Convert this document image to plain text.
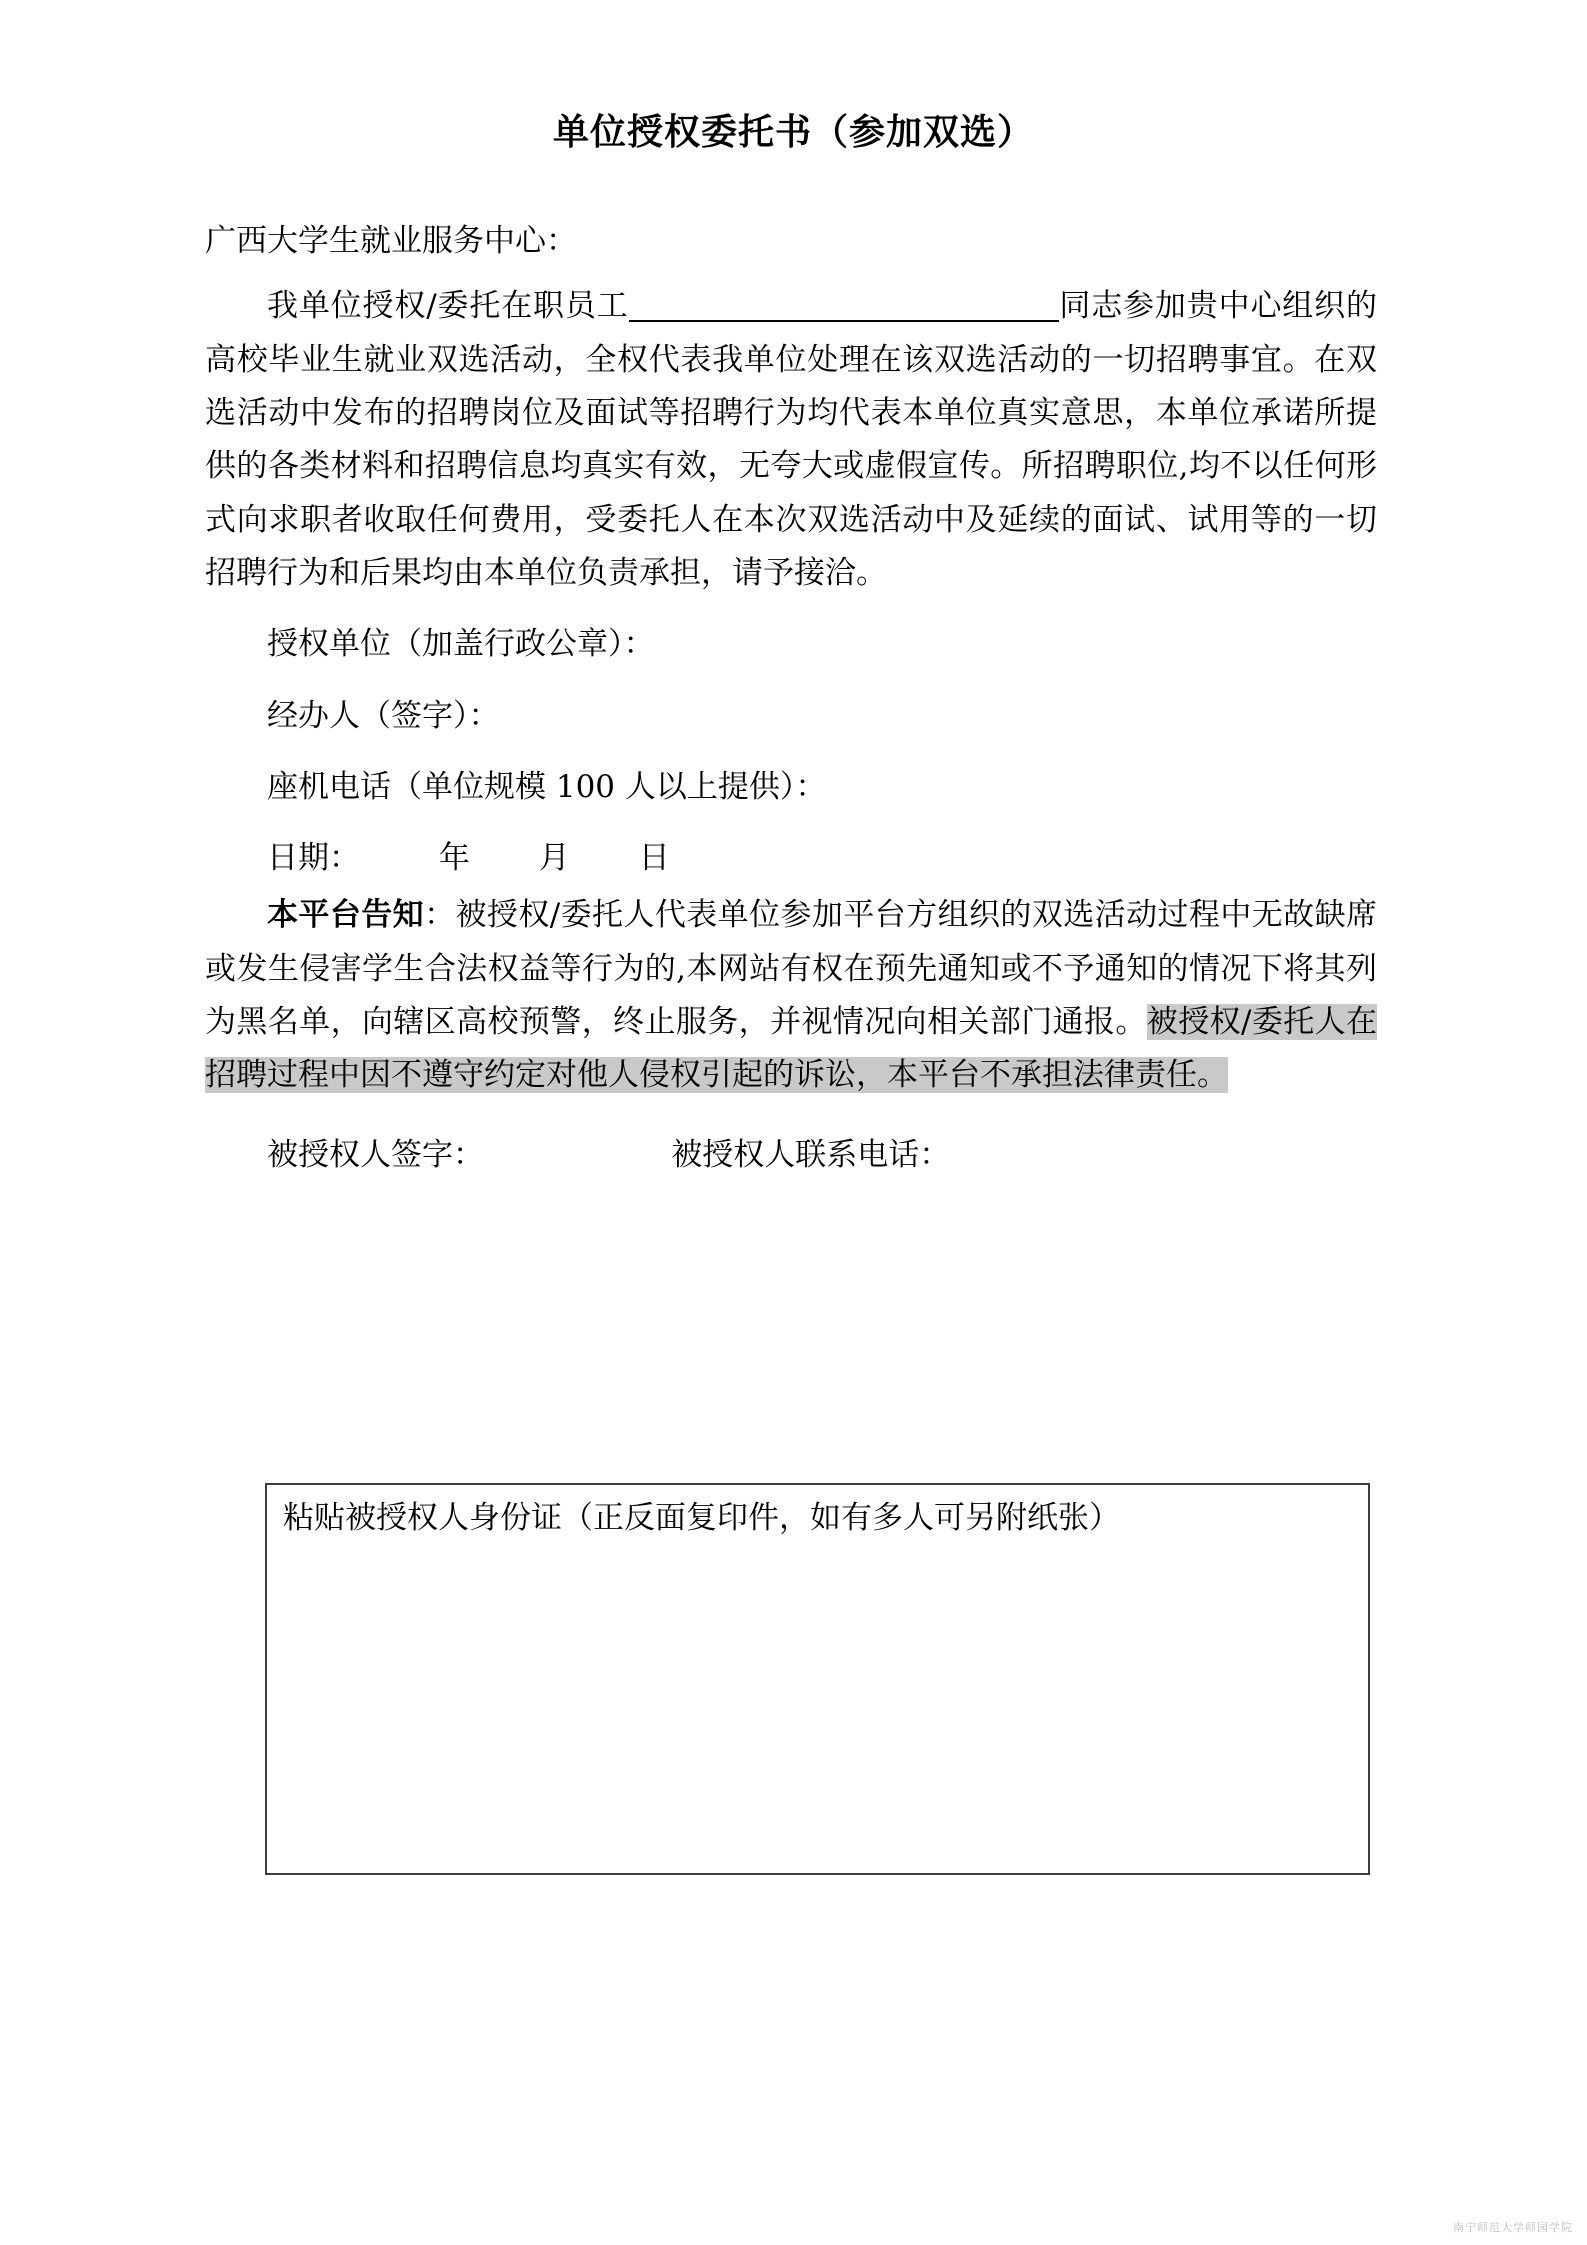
单位授权委托书（参加双选）
广西大学生就业服务中心：
我单位授权/委托在职员工	同志参加贵中心组织的高校毕业生就业双选活动，全权代表我单位处理在该双选活动的一切招聘事宜。在双选活动中发布的招聘岗位及面试等招聘行为均代表本单位真实意思，本单位承诺所提供的各类材料和招聘信息均真实有效，无夸大或虚假宣传。所招聘职位,均不以任何形式向求职者收取任何费用，受委托人在本次双选活动中及延续的面试、试用等的一切招聘行为和后果均由本单位负责承担，请予接洽。
授权单位（加盖行政公章）：
经办人（签字）：
座机电话（单位规模 100 人以上提供）：
日期：        年       月       日
本平台告知：被授权/委托人代表单位参加平台方组织的双选活动过程中无故缺席或发生侵害学生合法权益等行为的,本网站有权在预先通知或不予通知的情况下将其列为黑名单，向辖区高校预警，终止服务，并视情况向相关部门通报。被授权/委托人在招聘过程中因不遵守约定对他人侵权引起的诉讼，本平台不承担法律责任。
被授权人签字：                   被授权人联系电话：
粘贴被授权人身份证（正反面复印件，如有多人可另附纸张）
南宁师范大学师园学院
